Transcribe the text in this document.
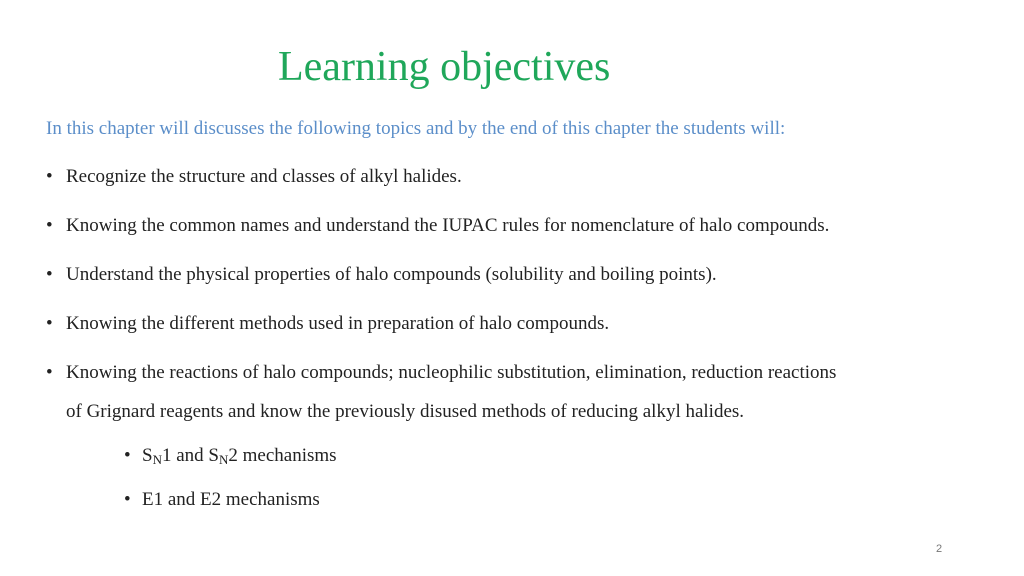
Learning objectives
In this chapter will discusses the following topics and by the end of this chapter the students will:
• Recognize the structure and classes of alkyl halides.
• Knowing the common names and understand the IUPAC rules for nomenclature of halo compounds.
• Understand the physical properties of halo compounds (solubility and boiling points).
• Knowing the different methods used in preparation of halo compounds.
• Knowing the reactions of halo compounds; nucleophilic substitution, elimination, reduction reactions
of Grignard reagents and know the previously disused methods of reducing alkyl halides.
• $S_N1$ and $S_N2$ mechanisms
• E1 and E2 mechanisms
2
